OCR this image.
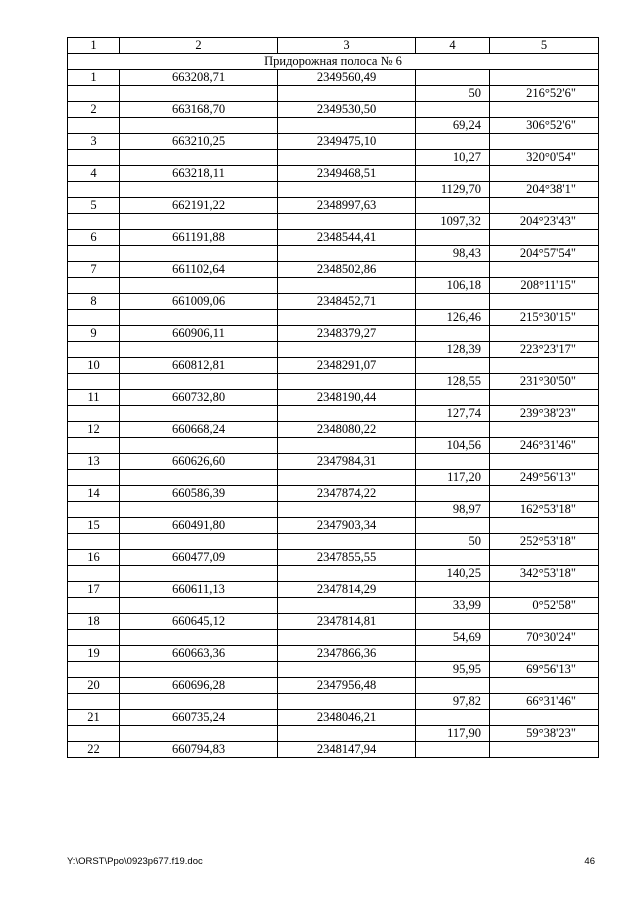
1	2	3	4	5
Придорожная полоса № 6				
1	663208,71	2349560,49		
			50	216°52'6"
2	663168,70	2349530,50		
			69,24	306°52'6"
3	663210,25	2349475,10		
			10,27	320°0'54"
4	663218,11	2349468,51		
			1129,70	204°38'1"
5	662191,22	2348997,63		
			1097,32	204°23'43"
6	661191,88	2348544,41		
			98,43	204°57'54"
7	661102,64	2348502,86		
			106,18	208°11'15"
8	661009,06	2348452,71		
			126,46	215°30'15"
9	660906,11	2348379,27		
			128,39	223°23'17"
10	660812,81	2348291,07		
			128,55	231°30'50"
11	660732,80	2348190,44		
			127,74	239°38'23"
12	660668,24	2348080,22		
			104,56	246°31'46"
13	660626,60	2347984,31		
			117,20	249°56'13"
14	660586,39	2347874,22		
			98,97	162°53'18"
15	660491,80	2347903,34		
			50	252°53'18"
16	660477,09	2347855,55		
			140,25	342°53'18"
17	660611,13	2347814,29		
			33,99	0°52'58"
18	660645,12	2347814,81		
			54,69	70°30'24"
19	660663,36	2347866,36		
			95,95	69°56'13"
20	660696,28	2347956,48		
			97,82	66°31'46"
21	660735,24	2348046,21		
			117,90	59°38'23"
22	660794,83	2348147,94		
Y:\ORST\Ppo\0923p677.f19.doc	46
